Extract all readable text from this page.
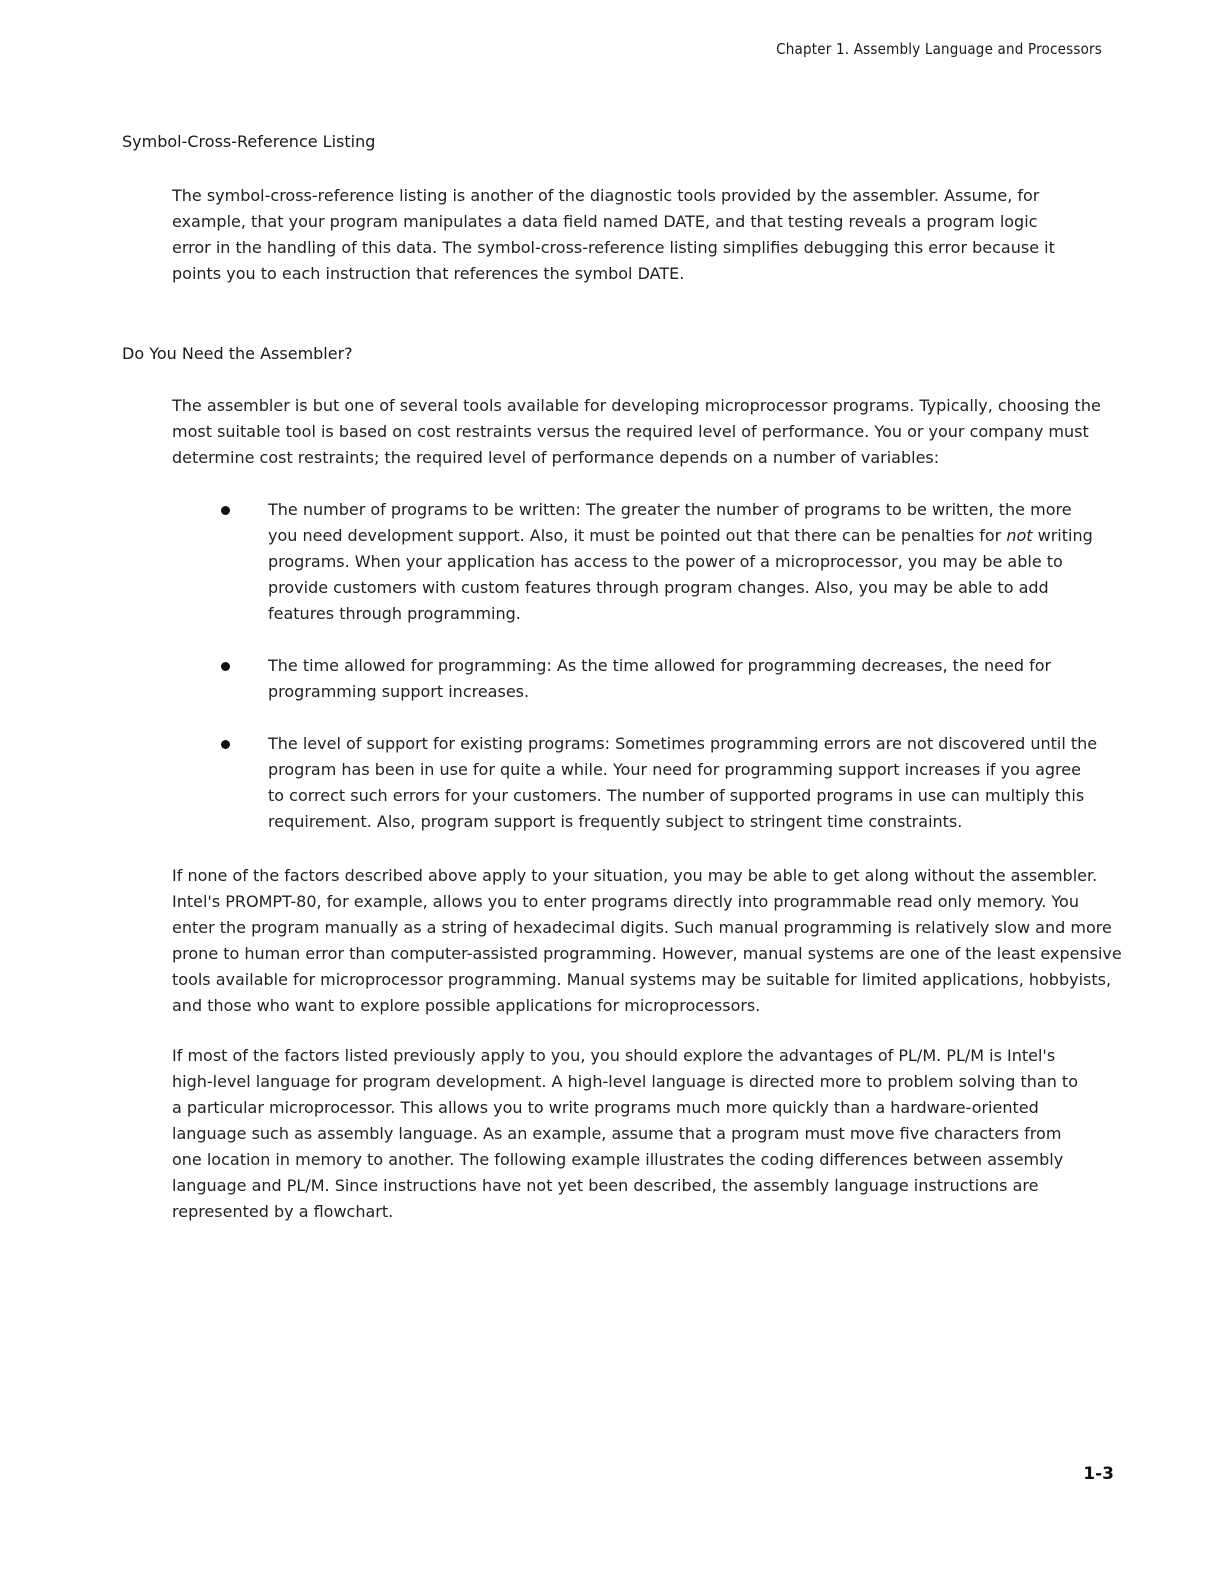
Chapter 1. Assembly Language and Processors
Symbol-Cross-Reference Listing

The symbol-cross-reference listing is another of the diagnostic tools provided by the assembler. Assume, for example, that your program manipulates a data field named DATE, and that testing reveals a program logic error in the handling of this data. The symbol-cross-reference listing simplifies debugging this error because it points you to each instruction that references the symbol DATE.

Do You Need the Assembler?

The assembler is but one of several tools available for developing microprocessor programs. Typically, choosing the most suitable tool is based on cost restraints versus the required level of performance. You or your company must determine cost restraints; the required level of performance depends on a number of variables:

The number of programs to be written: The greater the number of programs to be written, the more you need development support. Also, it must be pointed out that there can be penalties for not writing programs. When your application has access to the power of a microprocessor, you may be able to provide customers with custom features through program changes. Also, you may be able to add features through programming.

The time allowed for programming: As the time allowed for programming decreases, the need for programming support increases.

The level of support for existing programs: Sometimes programming errors are not discovered until the program has been in use for quite a while. Your need for programming support increases if you agree to correct such errors for your customers. The number of supported programs in use can multiply this requirement. Also, program support is frequently subject to stringent time constraints.

If none of the factors described above apply to your situation, you may be able to get along without the assembler. Intel's PROMPT-80, for example, allows you to enter programs directly into programmable read only memory. You enter the program manually as a string of hexadecimal digits. Such manual programming is relatively slow and more prone to human error than computer-assisted programming. However, manual systems are one of the least expensive tools available for microprocessor programming. Manual systems may be suitable for limited applications, hobbyists, and those who want to explore possible applications for microprocessors.

If most of the factors listed previously apply to you, you should explore the advantages of PL/M. PL/M is Intel's high-level language for program development. A high-level language is directed more to problem solving than to a particular microprocessor. This allows you to write programs much more quickly than a hardware-oriented language such as assembly language. As an example, assume that a program must move five characters from one location in memory to another. The following example illustrates the coding differences between assembly language and PL/M. Since instructions have not yet been described, the assembly language instructions are represented by a flowchart.

1-3
